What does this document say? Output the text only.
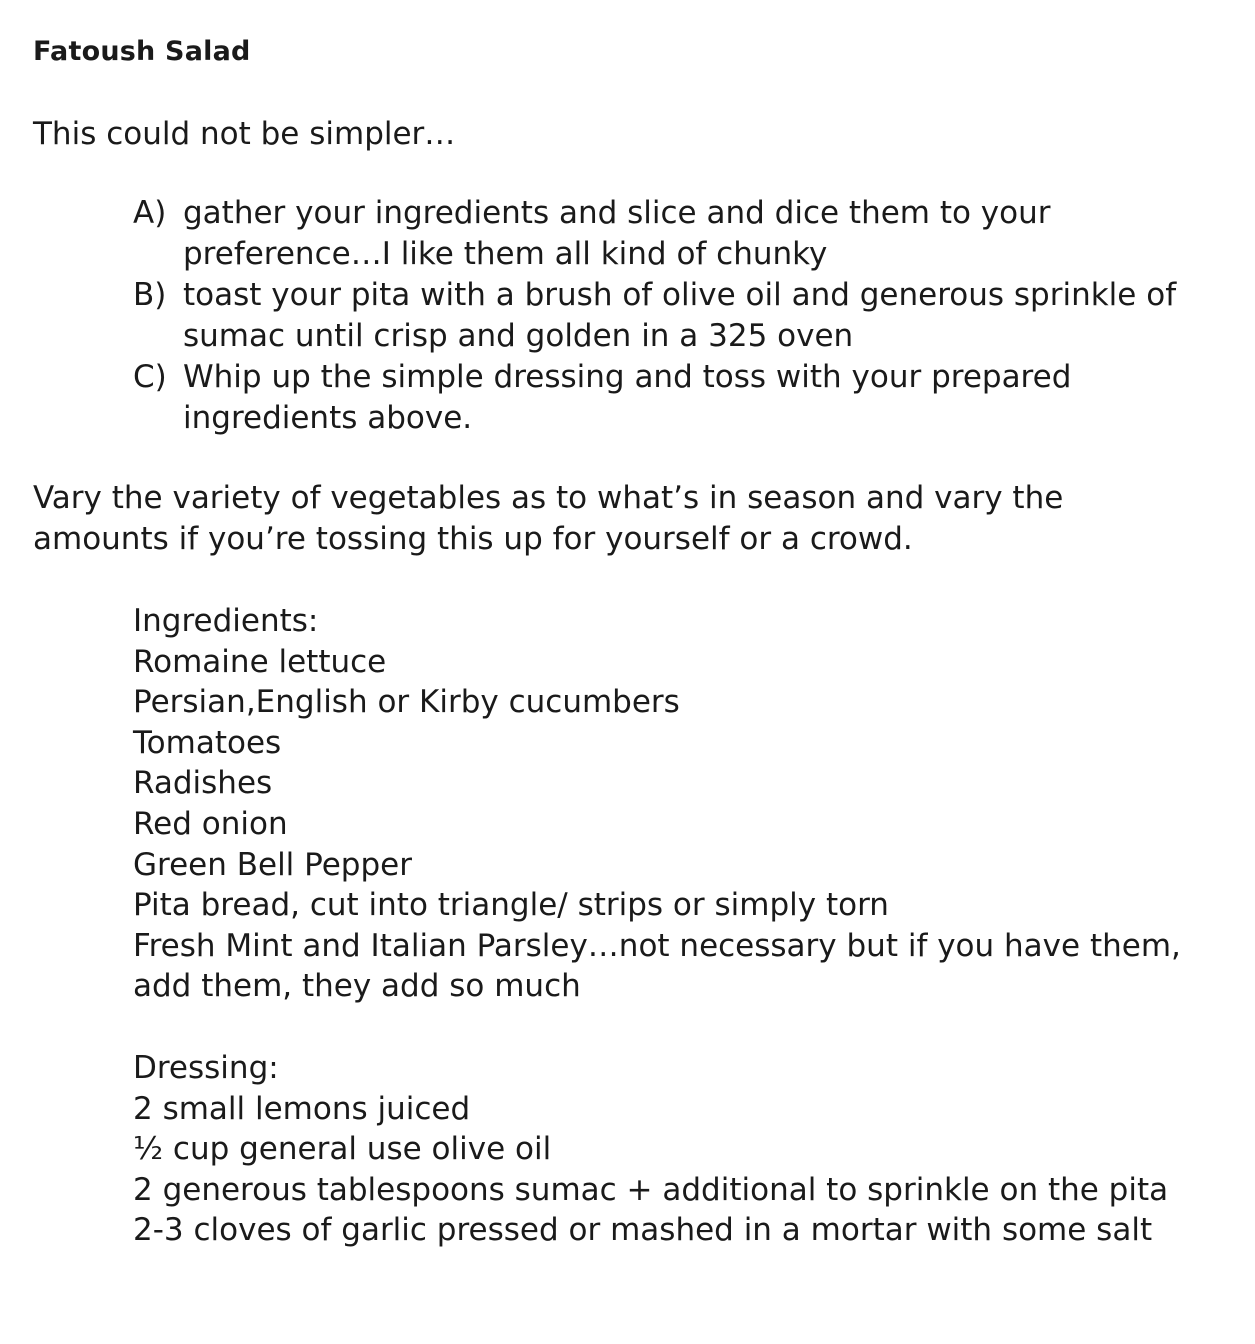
Fatoush Salad

This could not be simpler…

A) gather your ingredients and slice and dice them to your preference…I like them all kind of chunky
B) toast your pita with a brush of olive oil and generous sprinkle of sumac until crisp and golden in a 325 oven
C) Whip up the simple dressing and toss with your prepared ingredients above.

Vary the variety of vegetables as to what’s in season and vary the amounts if you’re tossing this up for yourself or a crowd.

Ingredients:
Romaine lettuce
Persian,English or Kirby cucumbers
Tomatoes
Radishes
Red onion
Green Bell Pepper
Pita bread, cut into triangle/ strips or simply torn
Fresh Mint and Italian Parsley…not necessary but if you have them, add them, they add so much
Dressing:
2 small lemons juiced
½ cup general use olive oil
2 generous tablespoons sumac + additional to sprinkle on the pita
2-3 cloves of garlic pressed or mashed in a mortar with some salt
